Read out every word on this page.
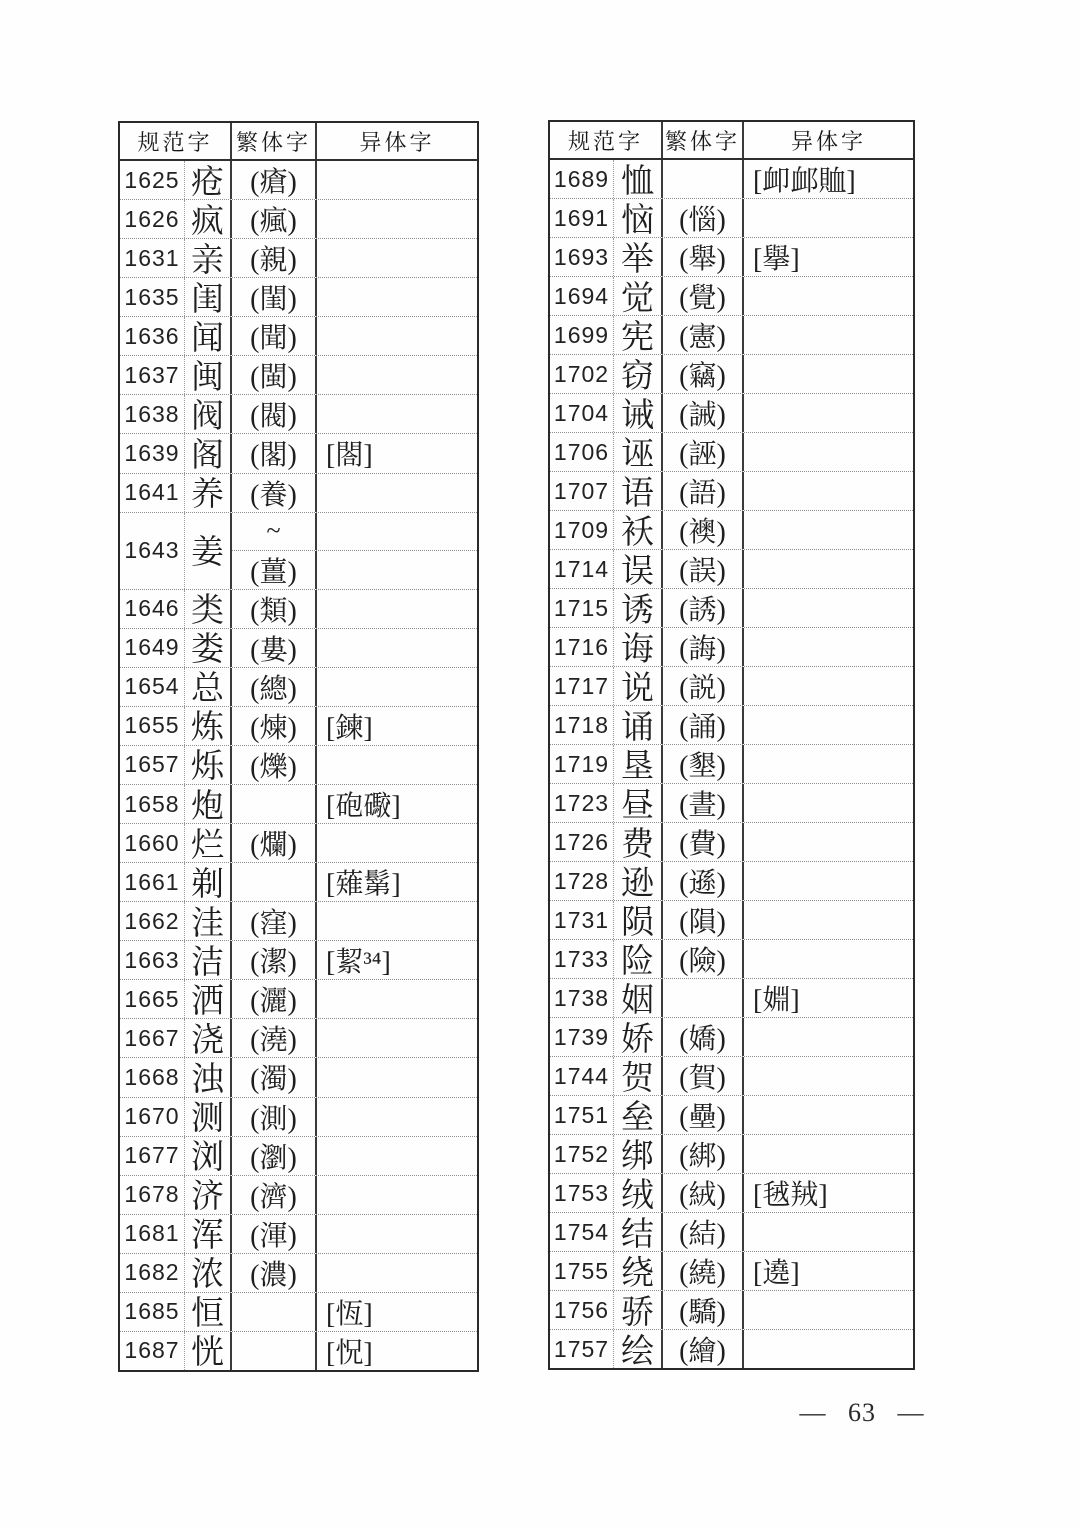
规范字	繁体字	异体字
1625 疮 (瘡)
1626 疯 (瘋)
1631 亲 (親)
1635 闺 (閨)
1636 闻 (聞)
1637 闽 (閩)
1638 阀 (閥)
1639 阁 (閣)	[閤]
1641 养 (養)
1643 姜
~
(薑)
1646 类 (類)
1649 娄 (婁)
1654 总 (總)
1655 炼 (煉)	[鍊]
1657 烁 (爍)
1658 炮	[砲礮]
1660 烂 (爛)
1661 剃	[薙鬀]
1662 洼 (窪)
1663 洁 (潔)	[絜³⁴]
1665 洒 (灑)
1667 浇 (澆)
1668 浊 (濁)
1670 测 (測)
1677 浏 (瀏)
1678 济 (濟)
1681 浑 (渾)
1682 浓 (濃)
1685 恒	[恆]
1687 恍	[怳]
规范字 繁体字	异体字
1689 恤	[卹䘏賉]
1691 恼 (惱)
1693 举 (舉) [擧]
1694 觉 (覺)
1699 宪 (憲)
1702 窃 (竊)
1704 诫 (誡)
1706 诬 (誣)
1707 语 (語)
1709 袄 (襖)
1714 误 (誤)
1715 诱 (誘)
1716 诲 (誨)
1717 说 (説)
1718 诵 (誦)
1719 垦 (墾)
1723 昼 (晝)
1726 费 (費)
1728 逊 (遜)
1731 陨 (隕)
1733 险 (險)
1738 姻	[婣]
1739 娇 (嬌)
1744 贺 (賀)
1751 垒 (壘)
1752 绑 (綁)
1753 绒 (絨) [毧羢]
1754 结 (結)
1755 绕 (繞) [遶]
1756 骄 (驕)
1757 绘 (繪)
— 63 —
